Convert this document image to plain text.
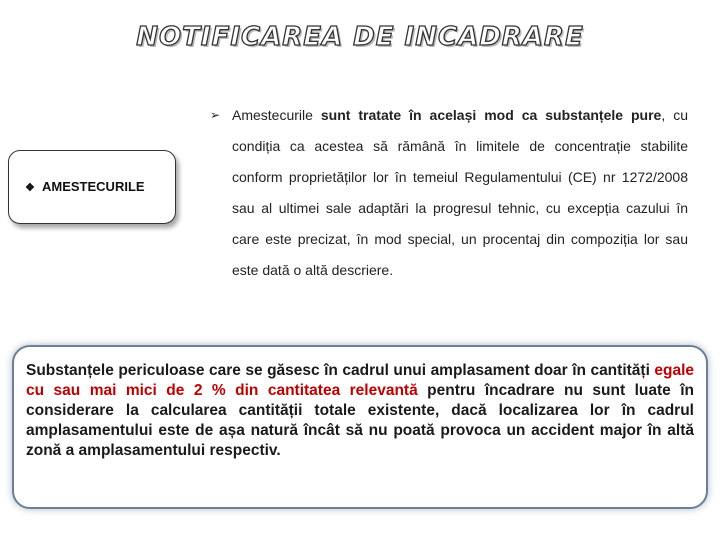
NOTIFICAREA DE INCADRARE
❖ AMESTECURILE
➢ Amestecurile sunt tratate în același mod ca substanțele pure, cu condiția ca acestea să rămână în limitele de concentrație stabilite conform proprietăților lor în temeiul Regulamentului (CE) nr 1272/2008 sau al ultimei sale adaptări la progresul tehnic, cu excepția cazului în care este precizat, în mod special, un procentaj din compoziția lor sau este dată o altă descriere.
Substanțele periculoase care se găsesc în cadrul unui amplasament doar în cantități egale cu sau mai mici de 2 % din cantitatea relevantă pentru încadrare nu sunt luate în considerare la calcularea cantității totale existente, dacă localizarea lor în cadrul amplasamentului este de așa natură încât să nu poată provoca un accident major în altă zonă a amplasamentului respectiv.
